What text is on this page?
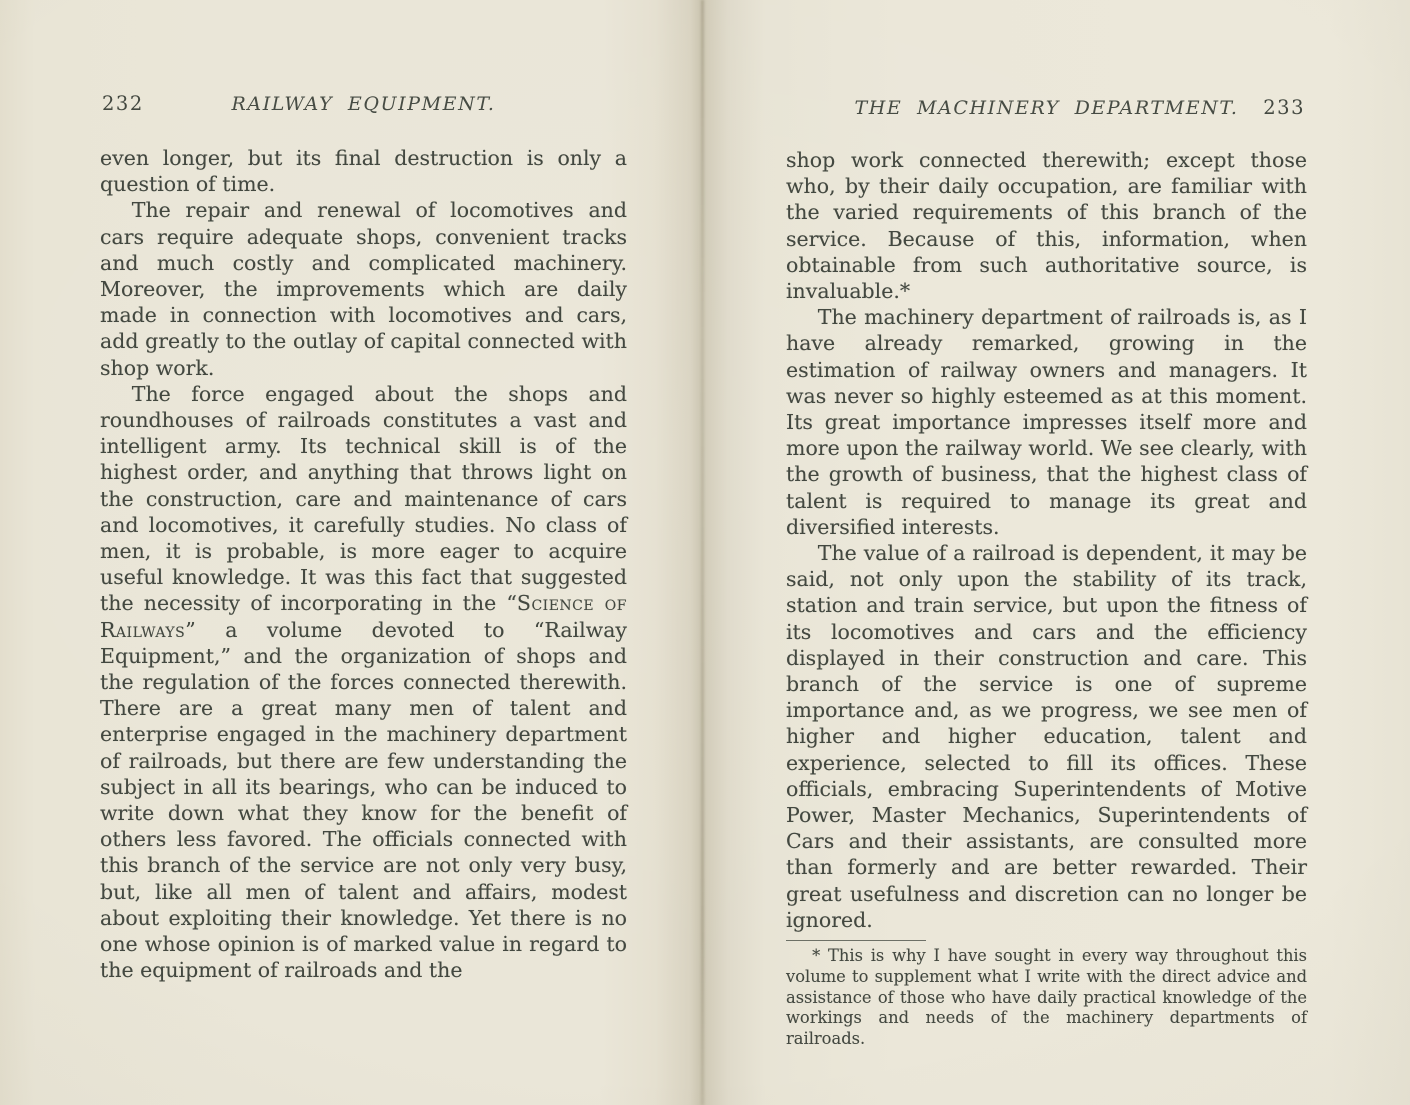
232	RAILWAY EQUIPMENT.

even longer, but its final destruction is only a question of time.

The repair and renewal of locomotives and cars require adequate shops, convenient tracks and much costly and complicated machinery. Moreover, the improvements which are daily made in connection with locomotives and cars, add greatly to the outlay of capital connected with shop work.

The force engaged about the shops and roundhouses of railroads constitutes a vast and intelligent army. Its technical skill is of the highest order, and anything that throws light on the construction, care and maintenance of cars and locomotives, it carefully studies. No class of men, it is probable, is more eager to acquire useful knowledge. It was this fact that suggested the necessity of incorporating in the “Science of Railways” a volume devoted to “Railway Equipment,” and the organization of shops and the regulation of the forces connected therewith. There are a great many men of talent and enterprise engaged in the machinery department of railroads, but there are few understanding the subject in all its bearings, who can be induced to write down what they know for the benefit of others less favored. The officials connected with this branch of the service are not only very busy, but, like all men of talent and affairs, modest about exploiting their knowledge. Yet there is no one whose opinion is of marked value in regard to the equipment of railroads and the

THE MACHINERY DEPARTMENT.	233

shop work connected therewith; except those who, by their daily occupation, are familiar with the varied requirements of this branch of the service. Because of this, information, when obtainable from such authoritative source, is invaluable.*

The machinery department of railroads is, as I have already remarked, growing in the estimation of railway owners and managers. It was never so highly esteemed as at this moment. Its great importance impresses itself more and more upon the railway world. We see clearly, with the growth of business, that the highest class of talent is required to manage its great and diversified interests.

The value of a railroad is dependent, it may be said, not only upon the stability of its track, station and train service, but upon the fitness of its locomotives and cars and the efficiency displayed in their construction and care. This branch of the service is one of supreme importance and, as we progress, we see men of higher and higher education, talent and experience, selected to fill its offices. These officials, embracing Superintendents of Motive Power, Master Mechanics, Superintendents of Cars and their assistants, are consulted more than formerly and are better rewarded. Their great usefulness and discretion can no longer be ignored.

* This is why I have sought in every way throughout this volume to supplement what I write with the direct advice and assistance of those who have daily practical knowledge of the workings and needs of the machinery departments of railroads.
